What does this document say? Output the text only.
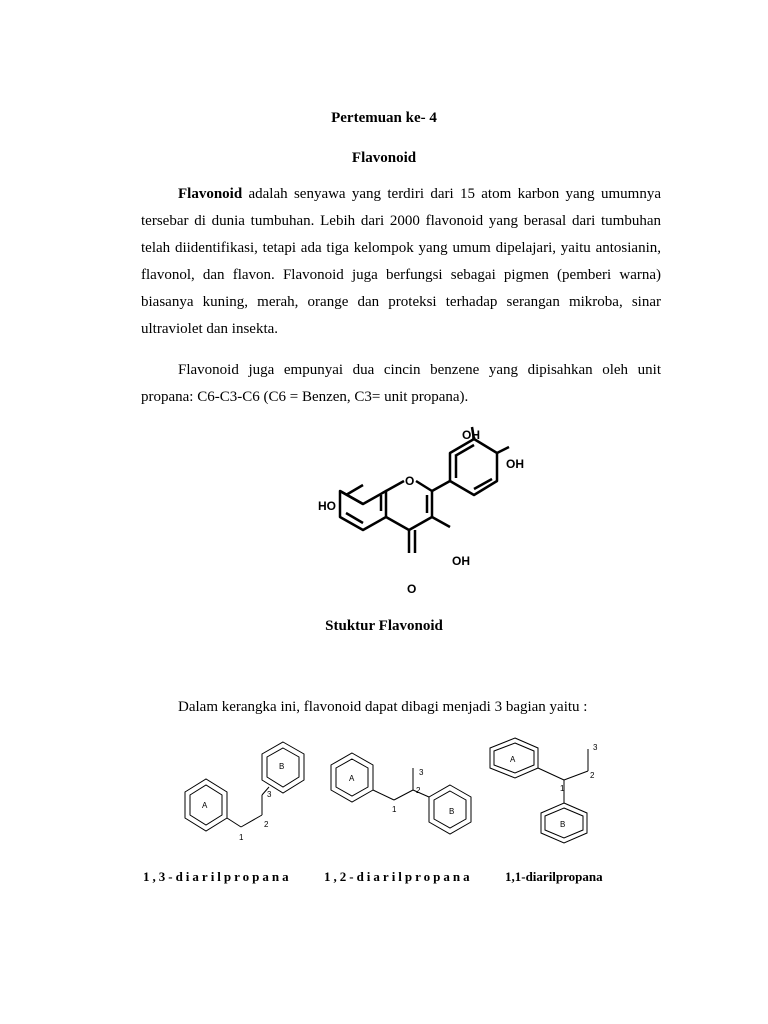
Pertemuan ke- 4
Flavonoid
Flavonoid adalah senyawa yang terdiri dari 15 atom karbon yang umumnya tersebar di dunia tumbuhan. Lebih dari 2000 flavonoid yang berasal dari tumbuhan telah diidentifikasi, tetapi ada tiga kelompok yang umum dipelajari, yaitu antosianin, flavonol, dan flavon. Flavonoid juga berfungsi sebagai pigmen (pemberi warna) biasanya kuning, merah, orange dan proteksi terhadap serangan mikroba, sinar ultraviolet dan insekta.
Flavonoid juga empunyai dua cincin benzene yang dipisahkan oleh unit propana: C6-C3-C6 (C6 = Benzen, C3= unit propana).
OH
OH
HO
O
OH
O
Stuktur Flavonoid
Dalam kerangka ini, flavonoid dapat dibagi menjadi 3 bagian yaitu :
A
B
1
2
3
A
B
1
2
3
A
B
1
2
3
1,3-diarilpropana 1,2-diarilpropana 1,1-diarilpropana
